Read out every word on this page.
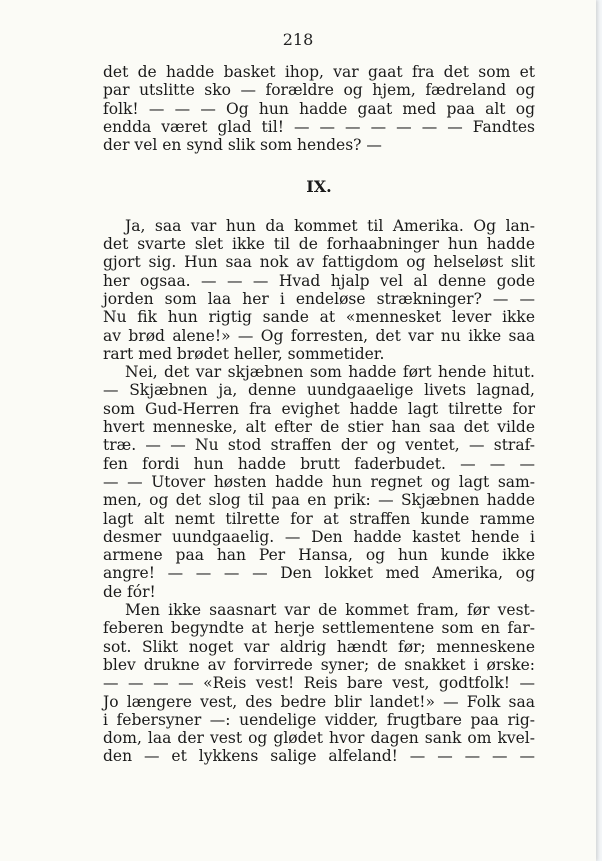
218
det de hadde basket ihop, var gaat fra det som et
par utslitte sko — forældre og hjem, fædreland og
folk! — — — Og hun hadde gaat med paa alt og
endda været glad til! — — — — — — — Fandtes
der vel en synd slik som hendes? —
IX.
Ja, saa var hun da kommet til Amerika. Og lan-
det svarte slet ikke til de forhaabninger hun hadde
gjort sig. Hun saa nok av fattigdom og helseløst slit
her ogsaa. — — — Hvad hjalp vel al denne gode
jorden som laa her i endeløse strækninger? — —
Nu fik hun rigtig sande at «mennesket lever ikke
av brød alene!» — Og forresten, det var nu ikke saa
rart med brødet heller, sommetider.
Nei, det var skjæbnen som hadde ført hende hitut.
— Skjæbnen ja, denne uundgaaelige livets lagnad,
som Gud-Herren fra evighet hadde lagt tilrette for
hvert menneske, alt efter de stier han saa det vilde
træ. — — Nu stod straffen der og ventet, — straf-
fen fordi hun hadde brutt faderbudet. — — —
— — Utover høsten hadde hun regnet og lagt sam-
men, og det slog til paa en prik: — Skjæbnen hadde
lagt alt nemt tilrette for at straffen kunde ramme
desmer uundgaaelig. — Den hadde kastet hende i
armene paa han Per Hansa, og hun kunde ikke
angre! — — — — Den lokket med Amerika, og
de fór!
Men ikke saasnart var de kommet fram, før vest-
feberen begyndte at herje settlementene som en far-
sot. Slikt noget var aldrig hændt før; menneskene
blev drukne av forvirrede syner; de snakket i ørske:
— — — — «Reis vest! Reis bare vest, godtfolk! —
Jo længere vest, des bedre blir landet!» — Folk saa
i febersyner —: uendelige vidder, frugtbare paa rig-
dom, laa der vest og glødet hvor dagen sank om kvel-
den — et lykkens salige alfeland! — — — — —
